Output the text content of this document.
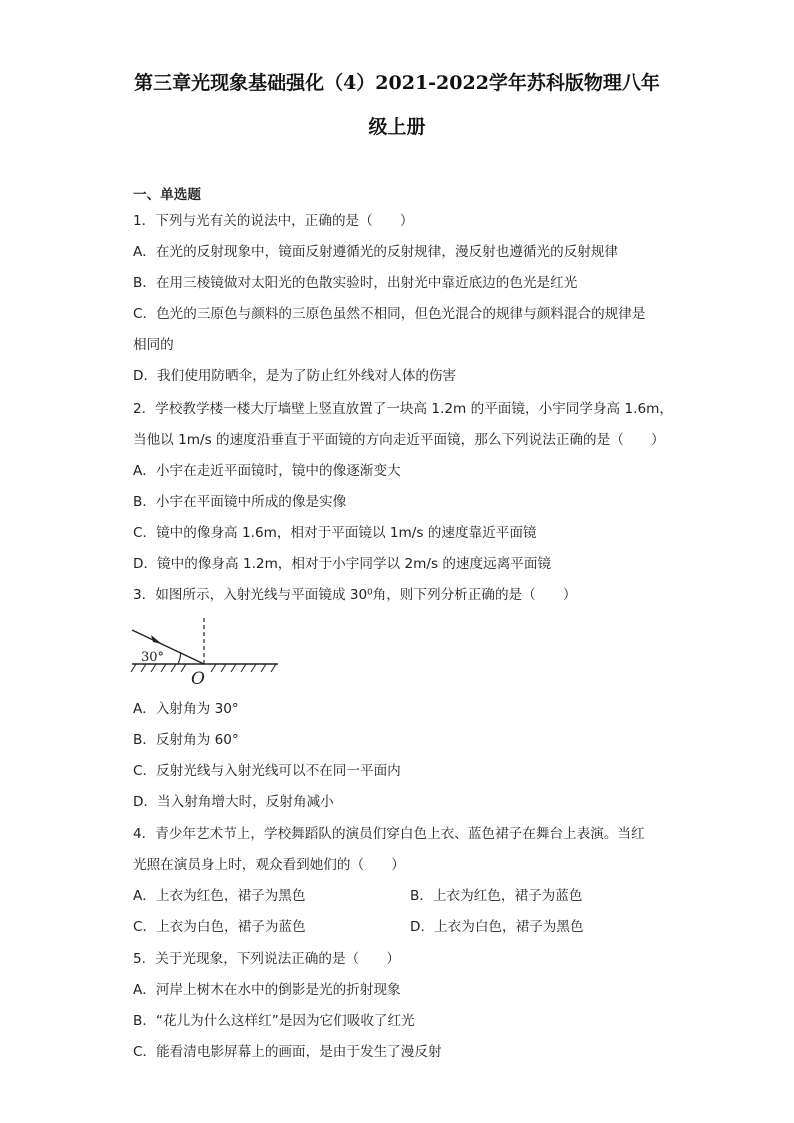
第三章光现象基础强化（4）2021-2022学年苏科版物理八年
级上册
一、单选题
1．下列与光有关的说法中，正确的是（　　）
A．在光的反射现象中，镜面反射遵循光的反射规律，漫反射也遵循光的反射规律
B．在用三棱镜做对太阳光的色散实验时，出射光中靠近底边的色光是红光
C．色光的三原色与颜料的三原色虽然不相同，但色光混合的规律与颜料混合的规律是
相同的
D．我们使用防晒伞，是为了防止红外线对人体的伤害
2．学校教学楼一楼大厅墙壁上竖直放置了一块高 1.2m 的平面镜，小宇同学身高 1.6m，
当他以 1m/s 的速度沿垂直于平面镜的方向走近平面镜，那么下列说法正确的是（　　）
A．小宇在走近平面镜时，镜中的像逐渐变大
B．小宇在平面镜中所成的像是实像
C．镜中的像身高 1.6m，相对于平面镜以 1m/s 的速度靠近平面镜
D．镜中的像身高 1.2m，相对于小宇同学以 2m/s 的速度远离平面镜
3．如图所示，入射光线与平面镜成 30⁰角，则下列分析正确的是（　　）
30°
O
A．入射角为 30°
B．反射角为 60°
C．反射光线与入射光线可以不在同一平面内
D．当入射角增大时，反射角减小
4．青少年艺术节上，学校舞蹈队的演员们穿白色上衣、蓝色裙子在舞台上表演。当红
光照在演员身上时，观众看到她们的（　　）
A．上衣为红色，裙子为黑色	B．上衣为红色，裙子为蓝色
C．上衣为白色，裙子为蓝色	D．上衣为白色，裙子为黑色
5．关于光现象，下列说法正确的是（　　）
A．河岸上树木在水中的倒影是光的折射现象
B．“花儿为什么这样红”是因为它们吸收了红光
C．能看清电影屏幕上的画面，是由于发生了漫反射
